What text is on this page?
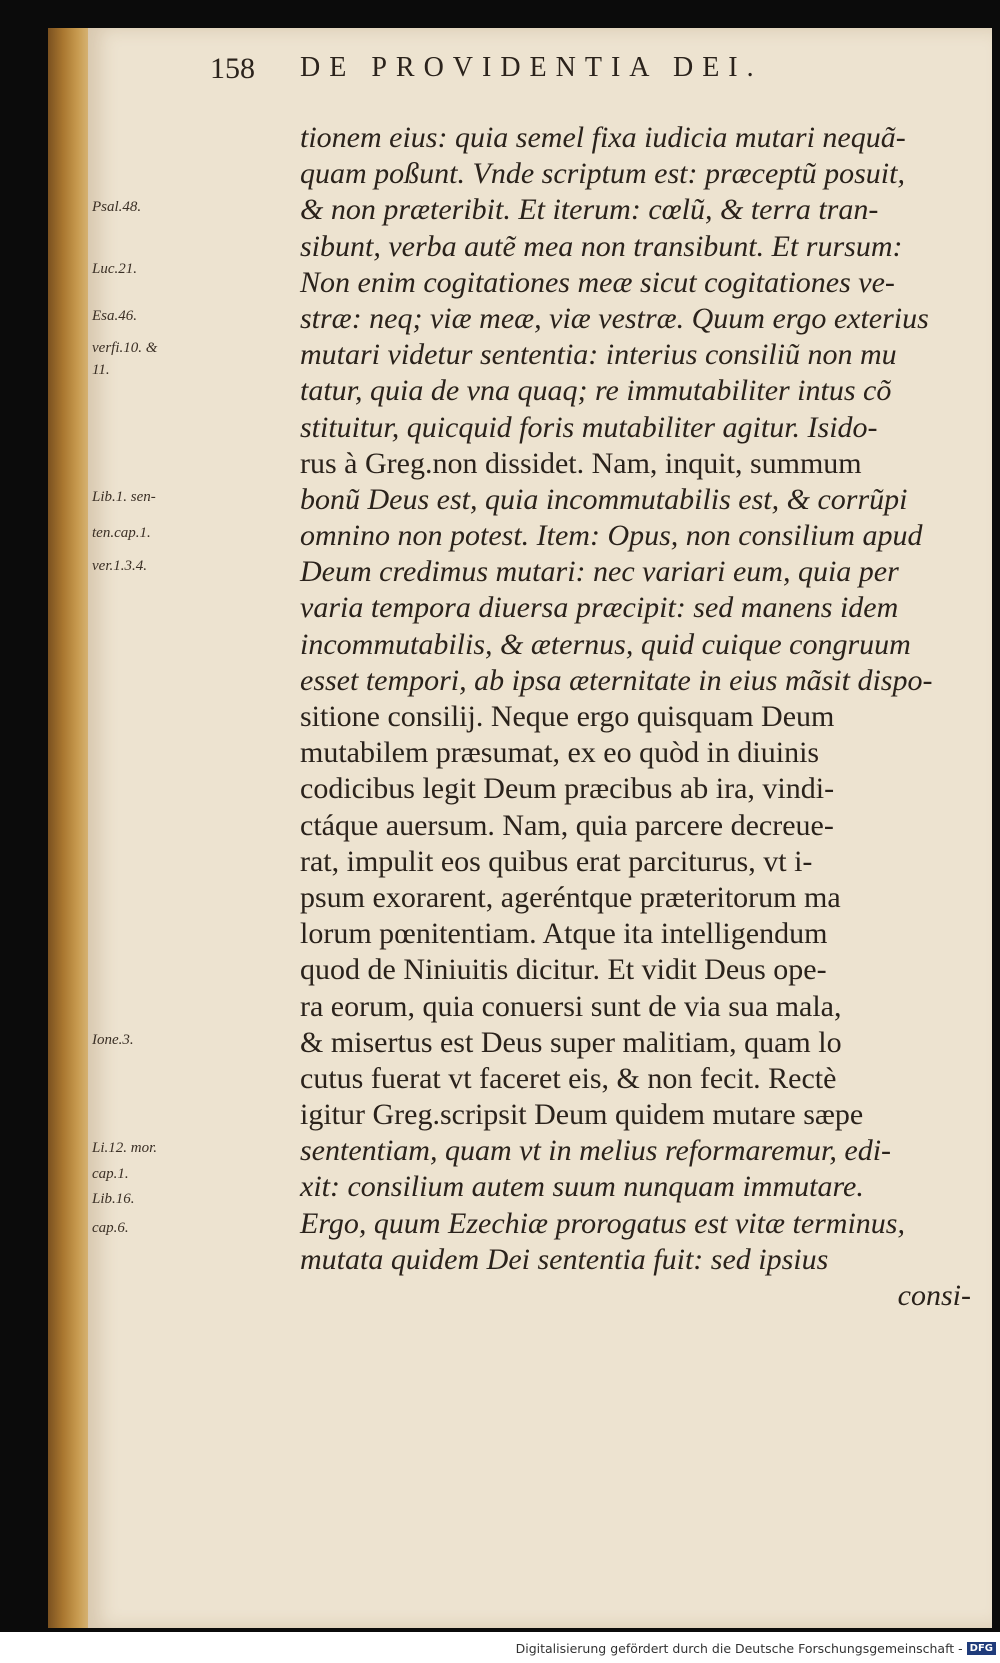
158 DE PROVIDENTIA DEI.
Psal.48.
Luc.21.
Esa.46.
verfi.10. &
11.
Lib.1. sen-
ten.cap.1.
ver.1.3.4.
Ione.3.
Li.12. mor.
cap.1.
Lib.16.
cap.6.
tionem eius: quia semel fixa iudicia mutari nequã-
quam poßunt. Vnde scriptum est: præceptũ posuit,
& non præteribit. Et iterum: cœlũ, & terra tran-
sibunt, verba autẽ mea non transibunt. Et rursum:
Non enim cogitationes meæ sicut cogitationes ve-
stræ: neq; viæ meæ, viæ vestræ. Quum ergo exterius
mutari videtur sententia: interius consiliũ non mu
tatur, quia de vna quaq; re immutabiliter intus cõ
stituitur, quicquid foris mutabiliter agitur. Isido-
rus à Greg.non dissidet. Nam, inquit, summum
bonũ Deus est, quia incommutabilis est, & corrũpi
omnino non potest. Item: Opus, non consilium apud
Deum credimus mutari: nec variari eum, quia per
varia tempora diuersa præcipit: sed manens idem
incommutabilis, & æternus, quid cuique congruum
esset tempori, ab ipsa æternitate in eius mãsit dispo-
sitione consilij. Neque ergo quisquam Deum
mutabilem præsumat, ex eo quòd in diuinis
codicibus legit Deum præcibus ab ira, vindi-
ctáque auersum. Nam, quia parcere decreue-
rat, impulit eos quibus erat parciturus, vt i-
psum exorarent, ageréntque præteritorum ma
lorum pœnitentiam. Atque ita intelligendum
quod de Niniuitis dicitur. Et vidit Deus ope-
ra eorum, quia conuersi sunt de via sua mala,
& misertus est Deus super malitiam, quam lo
cutus fuerat vt faceret eis, & non fecit. Rectè
igitur Greg.scripsit Deum quidem mutare sæpe
sententiam, quam vt in melius reformaremur, edi-
xit: consilium autem suum nunquam immutare.
Ergo, quum Ezechiæ prorogatus est vitæ terminus,
mutata quidem Dei sententia fuit: sed ipsius
consi-
Digitalisierung gefördert durch die Deutsche Forschungsgemeinschaft - DFG
